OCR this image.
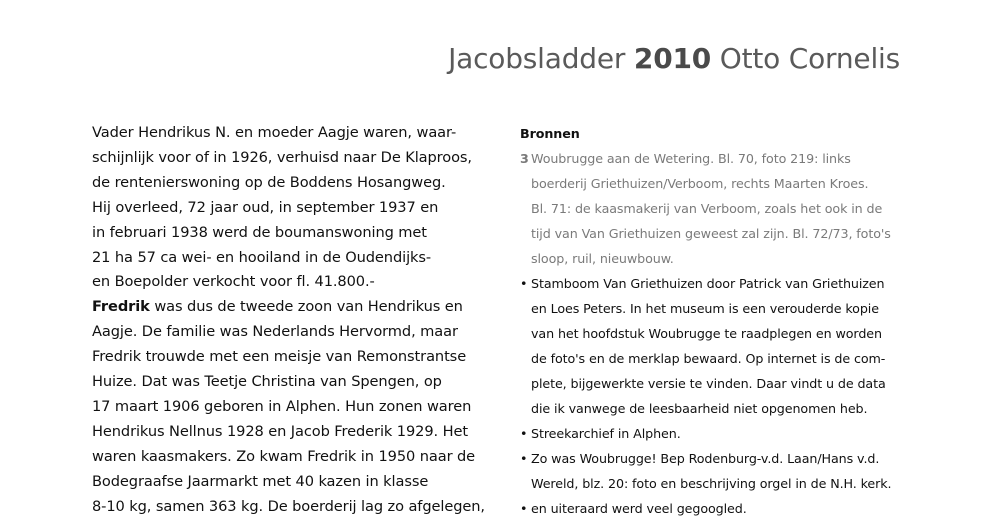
Jacobsladder 2010 Otto Cornelis
Vader Hendrikus N. en moeder Aagje waren, waar-
schijnlijk voor of in 1926, verhuisd naar De Klaproos,
de rentenierswoning op de Boddens Hosangweg.
Hij overleed, 72 jaar oud, in september 1937 en
in februari 1938 werd de boumanswoning met
21 ha 57 ca wei- en hooiland in de Oudendijks-
en Boepolder verkocht voor fl. 41.800.-
Fredrik was dus de tweede zoon van Hendrikus en
Aagje. De familie was Nederlands Hervormd, maar
Fredrik trouwde met een meisje van Remonstrantse
Huize. Dat was Teetje Christina van Spengen, op
17 maart 1906 geboren in Alphen. Hun zonen waren
Hendrikus Nellnus 1928 en Jacob Frederik 1929. Het
waren kaasmakers. Zo kwam Fredrik in 1950 naar de
Bodegraafse Jaarmarkt met 40 kazen in klasse
8-10 kg, samen 363 kg. De boerderij lag zo afgelegen,
Bronnen
3 Woubrugge aan de Wetering. Bl. 70, foto 219: links
boerderij Griethuizen/Verboom, rechts Maarten Kroes.
Bl. 71: de kaasmakerij van Verboom, zoals het ook in de
tijd van Van Griethuizen geweest zal zijn. Bl. 72/73, foto's
sloop, ruil, nieuwbouw.
• Stamboom Van Griethuizen door Patrick van Griethuizen
en Loes Peters. In het museum is een verouderde kopie
van het hoofdstuk Woubrugge te raadplegen en worden
de foto's en de merklap bewaard. Op internet is de com-
plete, bijgewerkte versie te vinden. Daar vindt u de data
die ik vanwege de leesbaarheid niet opgenomen heb.
• Streekarchief in Alphen.
• Zo was Woubrugge! Bep Rodenburg-v.d. Laan/Hans v.d.
Wereld, blz. 20: foto en beschrijving orgel in de N.H. kerk.
• en uiteraard werd veel gegoogled.
